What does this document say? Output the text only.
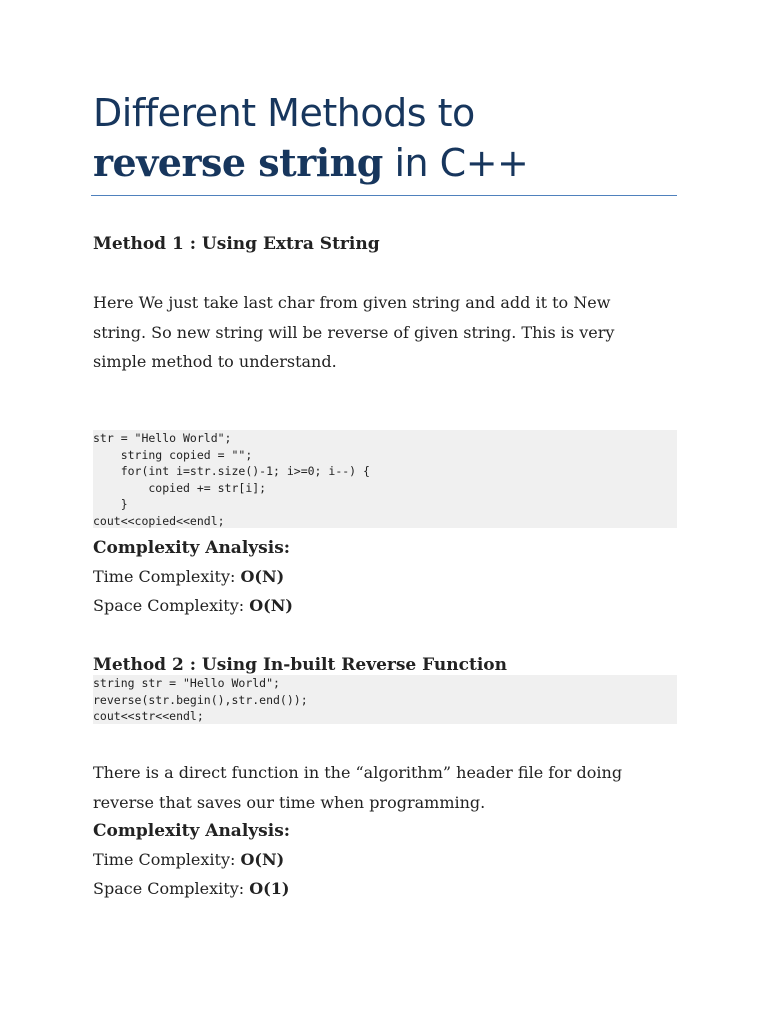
Different Methods to
reverse string in C++
Method 1 : Using Extra String

Here We just take last char from given string and add it to New string. So new string will be reverse of given string. This is very simple method to understand.

str = "Hello World";
string copied = "";
for(int i=str.size()-1; i>=0; i--) {
copied += str[i];
}
cout<<copied<<endl;
Complexity Analysis:

Time Complexity: O(N)

Space Complexity: O(N)

Method 2 : Using In-built Reverse Function
string str = "Hello World";
reverse(str.begin(),str.end());
cout<<str<<endl;

There is a direct function in the “algorithm” header file for doing reverse that saves our time when programming.

Complexity Analysis:

Time Complexity: O(N)

Space Complexity: O(1)
